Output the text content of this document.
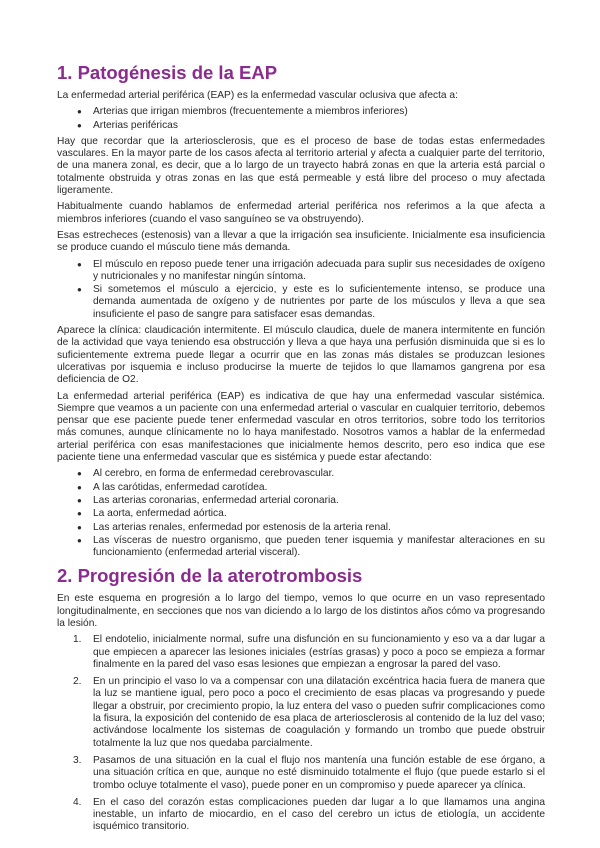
1. Patogénesis de la EAP

La enfermedad arterial periférica (EAP) es la enfermedad vascular oclusiva que afecta a:

● Arterias que irrigan miembros (frecuentemente a miembros inferiores)
● Arterias periféricas

Hay que recordar que la arteriosclerosis, que es el proceso de base de todas estas enfermedades vasculares. En la mayor parte de los casos afecta al territorio arterial y afecta a cualquier parte del territorio, de una manera zonal, es decir, que a lo largo de un trayecto habrá zonas en que la arteria está parcial o totalmente obstruida y otras zonas en las que está permeable y está libre del proceso o muy afectada ligeramente.

Habitualmente cuando hablamos de enfermedad arterial periférica nos referimos a la que afecta a miembros inferiores (cuando el vaso sanguíneo se va obstruyendo).

Esas estrecheces (estenosis) van a llevar a que la irrigación sea insuficiente. Inicialmente esa insuficiencia se produce cuando el músculo tiene más demanda.

● El músculo en reposo puede tener una irrigación adecuada para suplir sus necesidades de oxígeno y nutricionales y no manifestar ningún síntoma.
● Si sometemos el músculo a ejercicio, y este es lo suficientemente intenso, se produce una demanda aumentada de oxígeno y de nutrientes por parte de los músculos y lleva a que sea insuficiente el paso de sangre para satisfacer esas demandas.

Aparece la clínica: claudicación intermitente. El músculo claudica, duele de manera intermitente en función de la actividad que vaya teniendo esa obstrucción y lleva a que haya una perfusión disminuida que si es lo suficientemente extrema puede llegar a ocurrir que en las zonas más distales se produzcan lesiones ulcerativas por isquemia e incluso producirse la muerte de tejidos lo que llamamos gangrena por esa deficiencia de O2.

La enfermedad arterial periférica (EAP) es indicativa de que hay una enfermedad vascular sistémica. Siempre que veamos a un paciente con una enfermedad arterial o vascular en cualquier territorio, debemos pensar que ese paciente puede tener enfermedad vascular en otros territorios, sobre todo los territorios más comunes, aunque clínicamente no lo haya manifestado. Nosotros vamos a hablar de la enfermedad arterial periférica con esas manifestaciones que inicialmente hemos descrito, pero eso indica que ese paciente tiene una enfermedad vascular que es sistémica y puede estar afectando:

● Al cerebro, en forma de enfermedad cerebrovascular.
● A las carótidas, enfermedad carotídea.
● Las arterias coronarias, enfermedad arterial coronaria.
● La aorta, enfermedad aórtica.
● Las arterias renales, enfermedad por estenosis de la arteria renal.
● Las vísceras de nuestro organismo, que pueden tener isquemia y manifestar alteraciones en su funcionamiento (enfermedad arterial visceral).
2. Progresión de la aterotrombosis

En este esquema en progresión a lo largo del tiempo, vemos lo que ocurre en un vaso representado longitudinalmente, en secciones que nos van diciendo a lo largo de los distintos años cómo va progresando la lesión.

1. El endotelio, inicialmente normal, sufre una disfunción en su funcionamiento y eso va a dar lugar a que empiecen a aparecer las lesiones iniciales (estrías grasas) y poco a poco se empieza a formar finalmente en la pared del vaso esas lesiones que empiezan a engrosar la pared del vaso.
2. En un principio el vaso lo va a compensar con una dilatación excéntrica hacia fuera de manera que la luz se mantiene igual, pero poco a poco el crecimiento de esas placas va progresando y puede llegar a obstruir, por crecimiento propio, la luz entera del vaso o pueden sufrir complicaciones como la fisura, la exposición del contenido de esa placa de arteriosclerosis al contenido de la luz del vaso; activándose localmente los sistemas de coagulación y formando un trombo que puede obstruir totalmente la luz que nos quedaba parcialmente.
3. Pasamos de una situación en la cual el flujo nos mantenía una función estable de ese órgano, a una situación crítica en que, aunque no esté disminuido totalmente el flujo (que puede estarlo si el trombo ocluye totalmente el vaso), puede poner en un compromiso y puede aparecer ya clínica.
4. En el caso del corazón estas complicaciones pueden dar lugar a lo que llamamos una angina inestable, un infarto de miocardio, en el caso del cerebro un ictus de etiología, un accidente isquémico transitorio.
